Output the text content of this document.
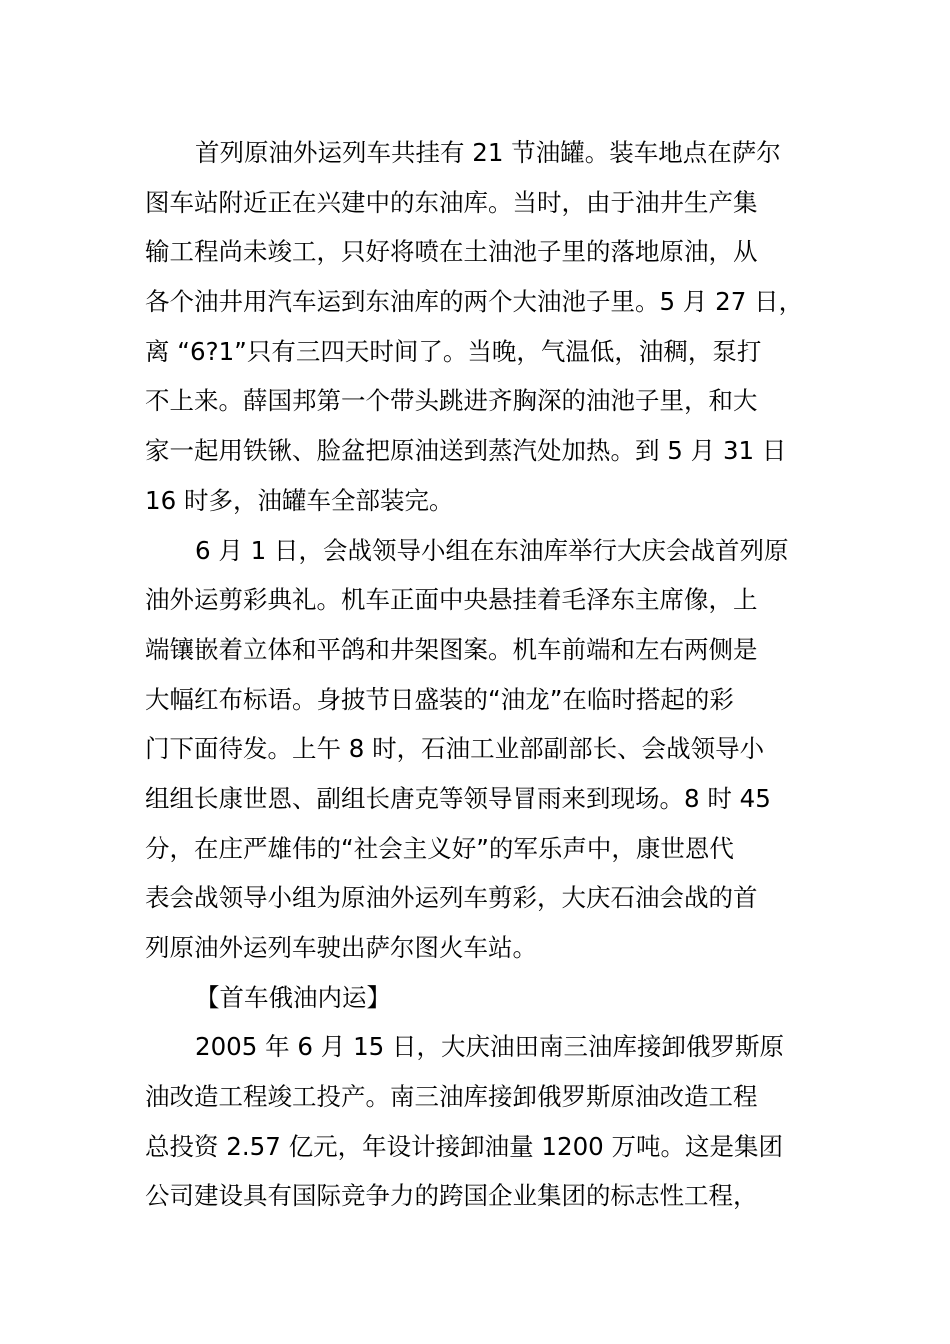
首列原油外运列车共挂有 21 节油罐。装车地点在萨尔
图车站附近正在兴建中的东油库。当时，由于油井生产集
输工程尚未竣工，只好将喷在土油池子里的落地原油，从
各个油井用汽车运到东油库的两个大油池子里。5 月 27 日，
离 “6?1”只有三四天时间了。当晚，气温低，油稠，泵打
不上来。薛国邦第一个带头跳进齐胸深的油池子里，和大
家一起用铁锹、脸盆把原油送到蒸汽处加热。到 5 月 31 日
16 时多，油罐车全部装完。
6 月 1 日，会战领导小组在东油库举行大庆会战首列原
油外运剪彩典礼。机车正面中央悬挂着毛泽东主席像，上
端镶嵌着立体和平鸽和井架图案。机车前端和左右两侧是
大幅红布标语。身披节日盛装的“油龙”在临时搭起的彩
门下面待发。上午 8 时，石油工业部副部长、会战领导小
组组长康世恩、副组长唐克等领导冒雨来到现场。8 时 45
分，在庄严雄伟的“社会主义好”的军乐声中，康世恩代
表会战领导小组为原油外运列车剪彩，大庆石油会战的首
列原油外运列车驶出萨尔图火车站。
【首车俄油内运】
2005 年 6 月 15 日，大庆油田南三油库接卸俄罗斯原
油改造工程竣工投产。南三油库接卸俄罗斯原油改造工程
总投资 2.57 亿元，年设计接卸油量 1200 万吨。这是集团
公司建设具有国际竞争力的跨国企业集团的标志性工程，
